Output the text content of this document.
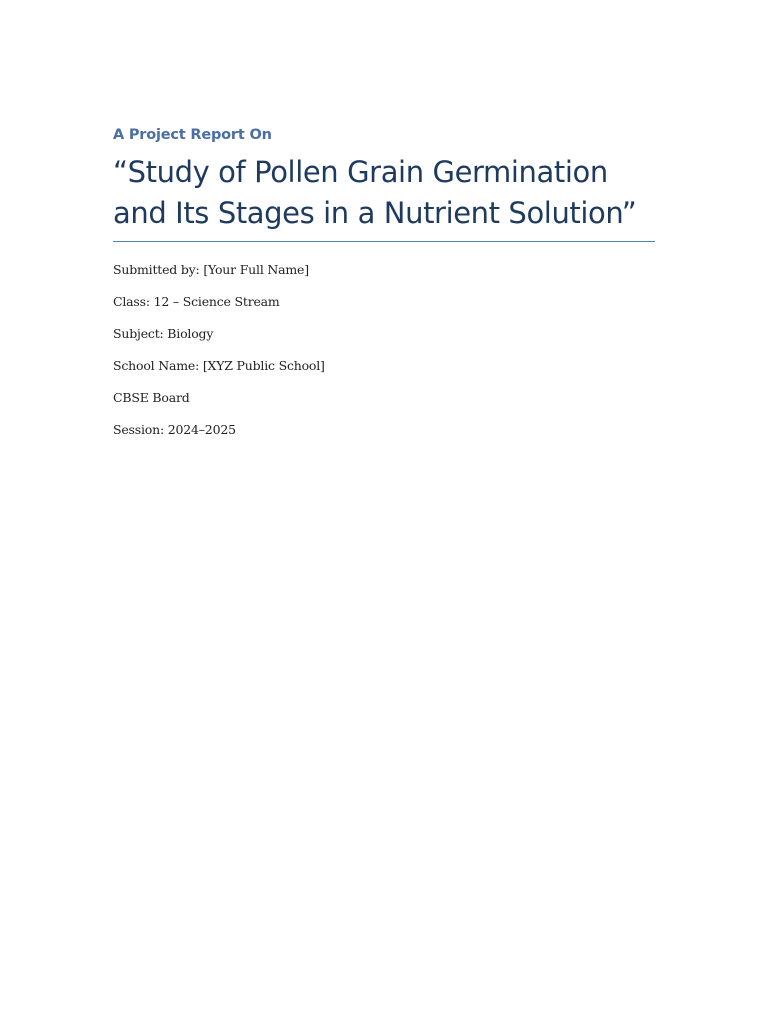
A Project Report On

“Study of Pollen Grain Germination and Its Stages in a Nutrient Solution”

Submitted by: [Your Full Name]

Class: 12 – Science Stream

Subject: Biology

School Name: [XYZ Public School]

CBSE Board

Session: 2024–2025
